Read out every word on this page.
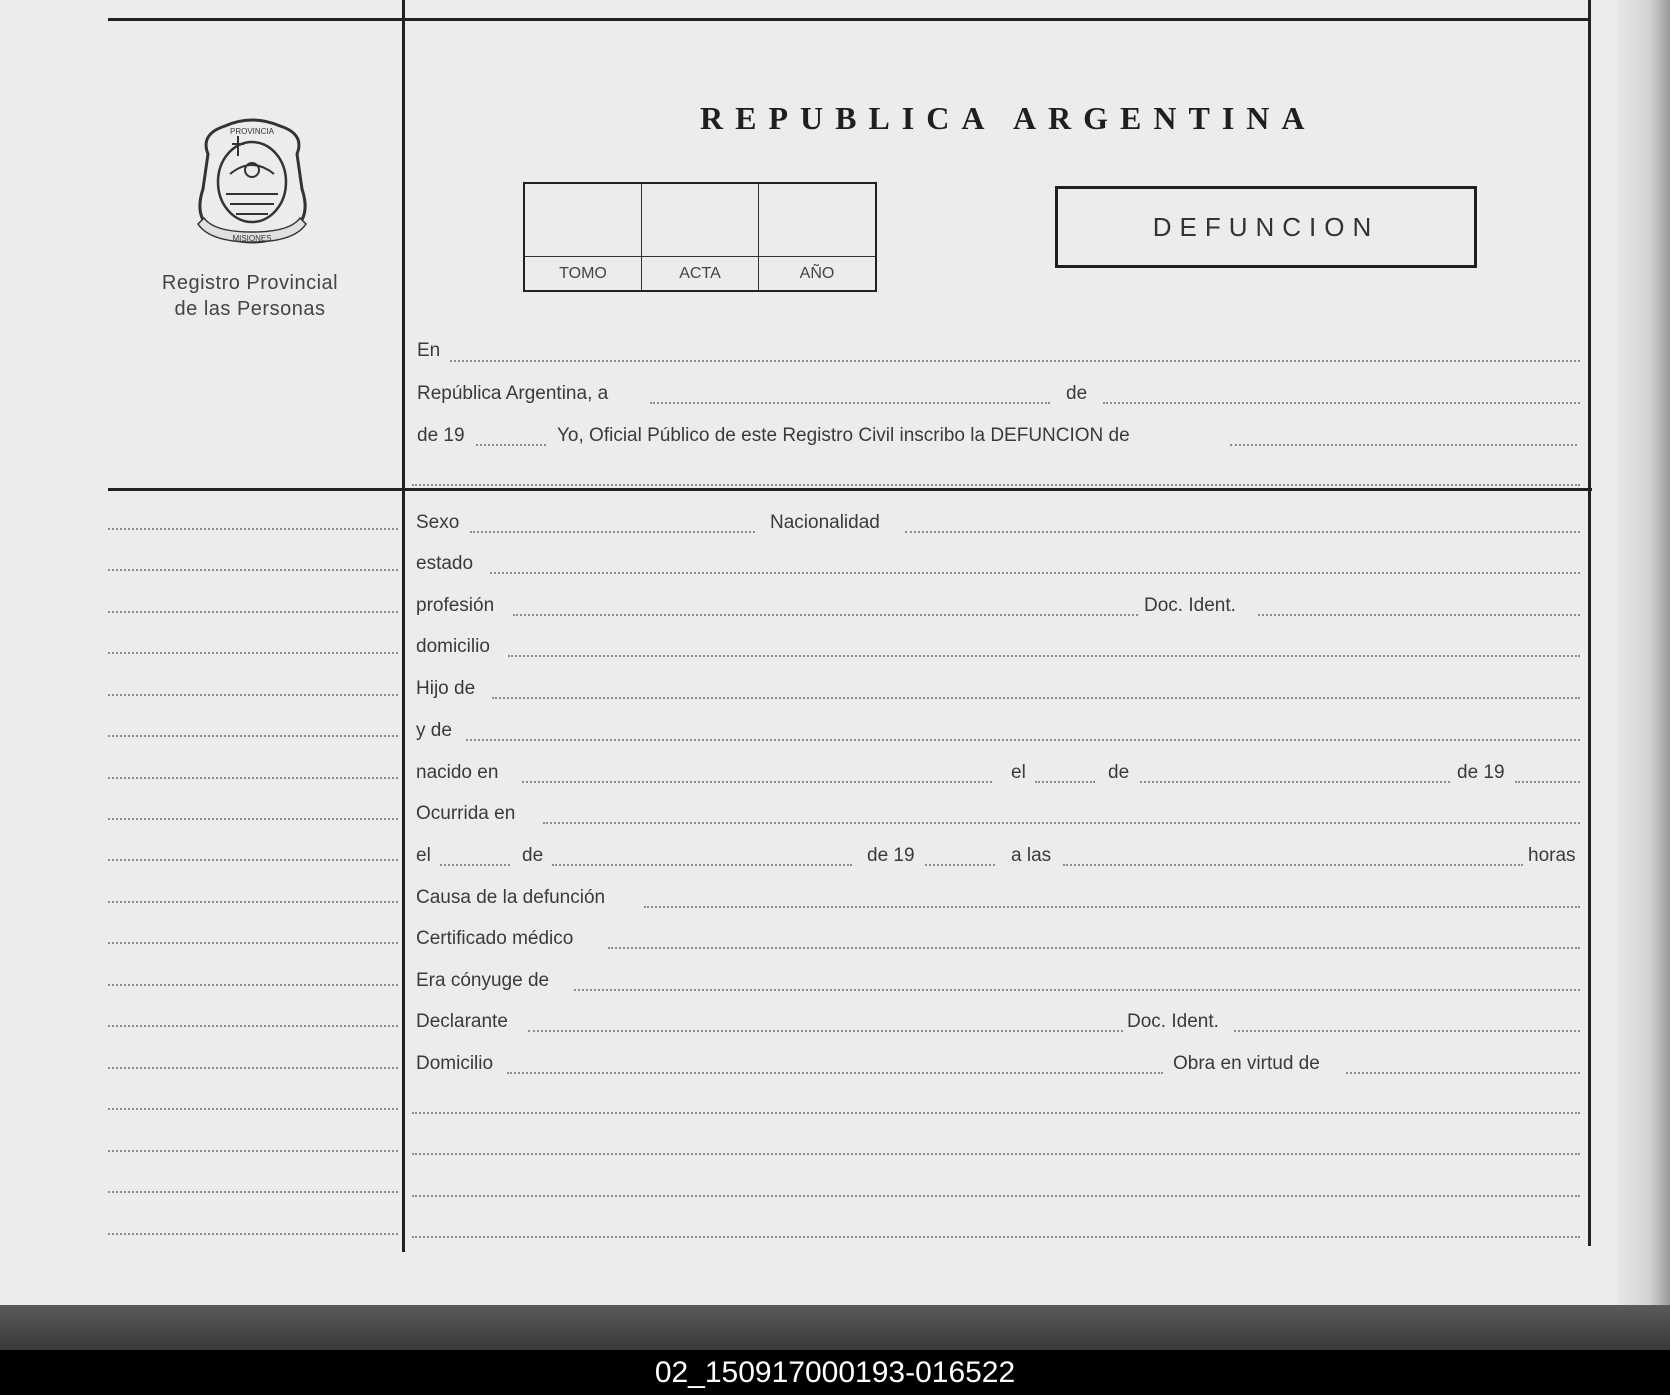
PROVINCIA
MISIONES
Registro Provincial
de las Personas
REPUBLICA ARGENTINA
TOMO	ACTA	AÑO
DEFUNCION
En
República Argentina, a	de
de 19	Yo, Oficial Público de este Registro Civil inscribo la DEFUNCION de
Sexo	Nacionalidad
estado
profesión	Doc. Ident.
domicilio
Hijo de
y de
nacido en	el	de	de 19
Ocurrida en
el	de	de 19	a las	horas
Causa de la defunción
Certificado médico
Era cónyuge de
Declarante	Doc. Ident.
Domicilio	Obra en virtud de
02_150917000193-016522
